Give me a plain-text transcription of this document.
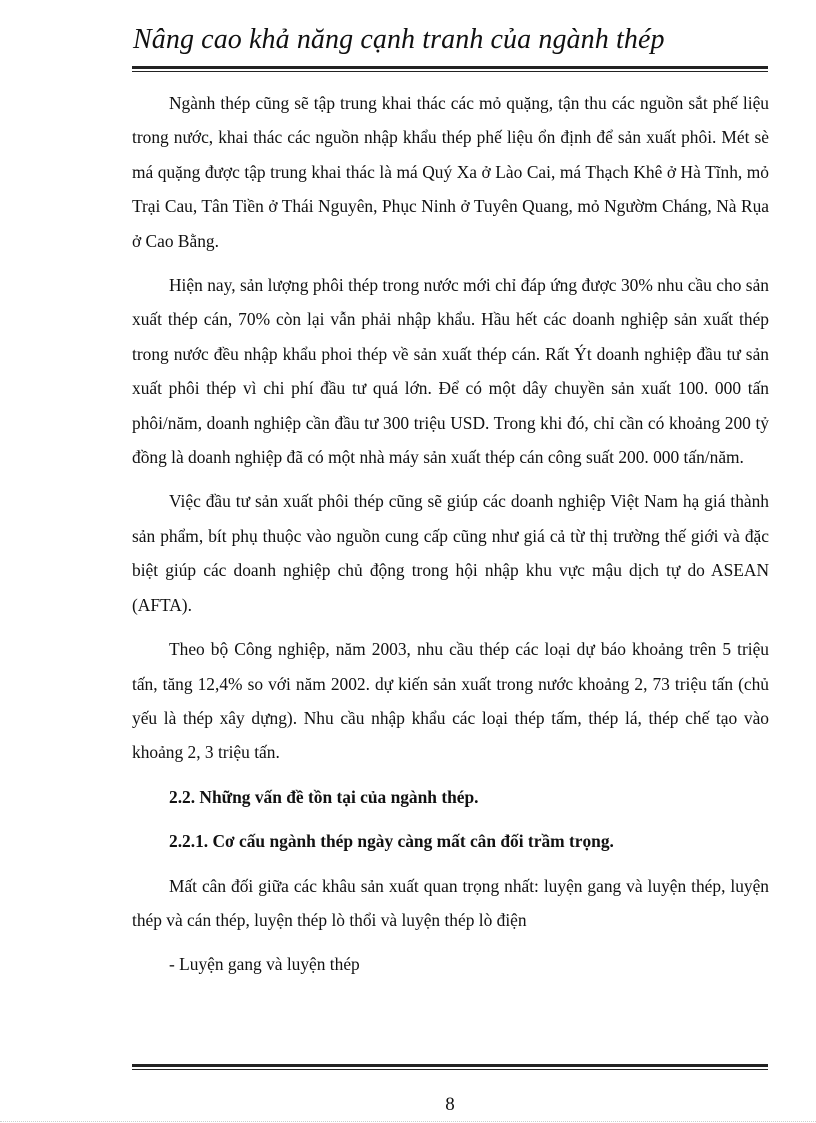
Nâng cao khả năng cạnh tranh của ngành thép

Ngành thép cũng sẽ tập trung khai thác các mỏ quặng, tận thu các nguồn sắt phế liệu trong nước, khai thác các nguồn nhập khẩu thép phế liệu ổn định để sản xuất phôi. Mét sè má quặng được tập trung khai thác là má Quý Xa ở Lào Cai, má Thạch Khê ở Hà Tĩnh, mỏ Trại Cau, Tân Tiền ở Thái Nguyên, Phục Ninh ở Tuyên Quang, mỏ Ngườm Cháng, Nà Rụa ở Cao Bằng.

Hiện nay, sản lượng phôi thép trong nước mới chỉ đáp ứng được 30% nhu cầu cho sản xuất thép cán, 70% còn lại vẫn phải nhập khẩu. Hầu hết các doanh nghiệp sản xuất thép trong nước đều nhập khẩu phoi thép về sản xuất thép cán. Rất Ýt doanh nghiệp đầu tư sản xuất phôi thép vì chi phí đầu tư quá lớn. Để có một dây chuyền sản xuất 100. 000 tấn phôi/năm, doanh nghiệp cần đầu tư 300 triệu USD. Trong khi đó, chỉ cần có khoảng 200 tỷ đồng là doanh nghiệp đã có một nhà máy sản xuất thép cán công suất 200. 000 tấn/năm.

Việc đầu tư sản xuất phôi thép cũng sẽ giúp các doanh nghiệp Việt Nam hạ giá thành sản phẩm, bít phụ thuộc vào nguồn cung cấp cũng như giá cả từ thị trường thế giới và đặc biệt giúp các doanh nghiệp chủ động trong hội nhập khu vực mậu dịch tự do ASEAN (AFTA).

Theo bộ Công nghiệp, năm 2003, nhu cầu thép các loại dự báo khoảng trên 5 triệu tấn, tăng 12,4% so với năm 2002. dự kiến sản xuất trong nước khoảng 2, 73 triệu tấn (chủ yếu là thép xây dựng). Nhu cầu nhập khẩu các loại thép tấm, thép lá, thép chế tạo vào khoảng 2, 3 triệu tấn.

2.2. Những vấn đề tồn tại của ngành thép.

2.2.1. Cơ cấu ngành thép ngày càng mất cân đối trầm trọng.

Mất cân đối giữa các khâu sản xuất quan trọng nhất: luyện gang và luyện thép, luyện thép và cán thép, luyện thép lò thổi và luyện thép lò điện

- Luyện gang và luyện thép

8
